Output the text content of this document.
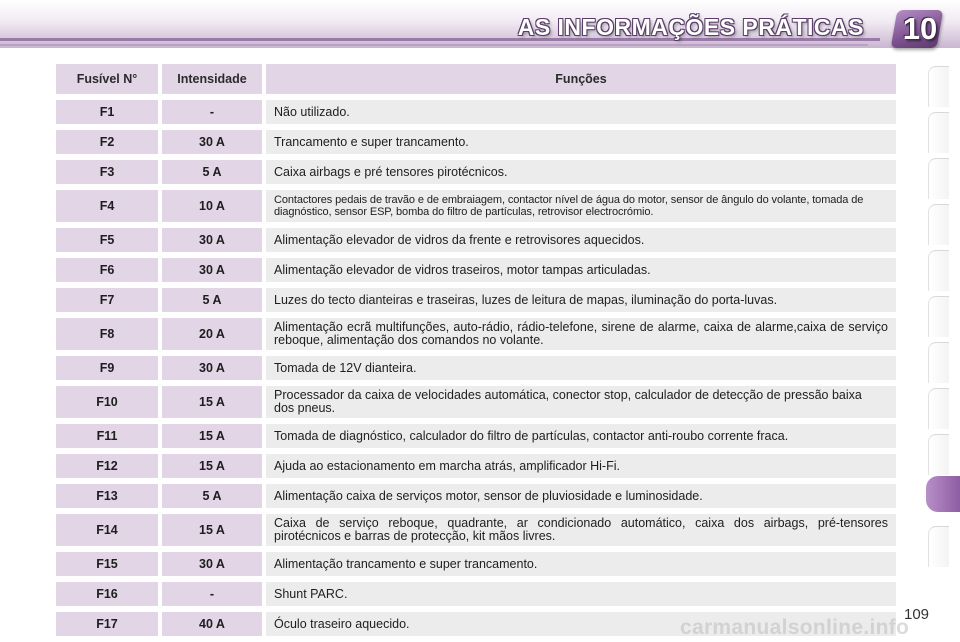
AS INFORMAÇÕES PRÁTICAS 10
Fusível N°	Intensidade	Funções
F1	-	Não utilizado.
F2	30 A	Trancamento e super trancamento.
F3	5 A	Caixa airbags e pré tensores pirotécnicos.
F4	10 A	Contactores pedais de travão e de embraiagem, contactor nível de água do motor, sensor de ângulo do volante, tomada de diagnóstico, sensor ESP, bomba do filtro de partículas, retrovisor electrocrómio.
F5	30 A	Alimentação elevador de vidros da frente e retrovisores aquecidos.
F6	30 A	Alimentação elevador de vidros traseiros, motor tampas articuladas.
F7	5 A	Luzes do tecto dianteiras e traseiras, luzes de leitura de mapas, iluminação do porta-luvas.
F8	20 A	Alimentação ecrã multifunções, auto-rádio, rádio-telefone, sirene de alarme, caixa de alarme,caixa de serviço reboque, alimentação dos comandos no volante.
F9	30 A	Tomada de 12V dianteira.
F10	15 A	Processador da caixa de velocidades automática, conector stop, calculador de detecção de pressão baixa dos pneus.
F11	15 A	Tomada de diagnóstico, calculador do filtro de partículas, contactor anti-roubo corrente fraca.
F12	15 A	Ajuda ao estacionamento em marcha atrás, amplificador Hi-Fi.
F13	5 A	Alimentação caixa de serviços motor, sensor de pluviosidade e luminosidade.
F14	15 A	Caixa de serviço reboque, quadrante, ar condicionado automático, caixa dos airbags, pré-tensores pirotécnicos e barras de protecção, kit mãos livres.
F15	30 A	Alimentação trancamento e super trancamento.
F16	-	Shunt PARC.
F17	40 A	Óculo traseiro aquecido.
109
carmanualsonline.info
